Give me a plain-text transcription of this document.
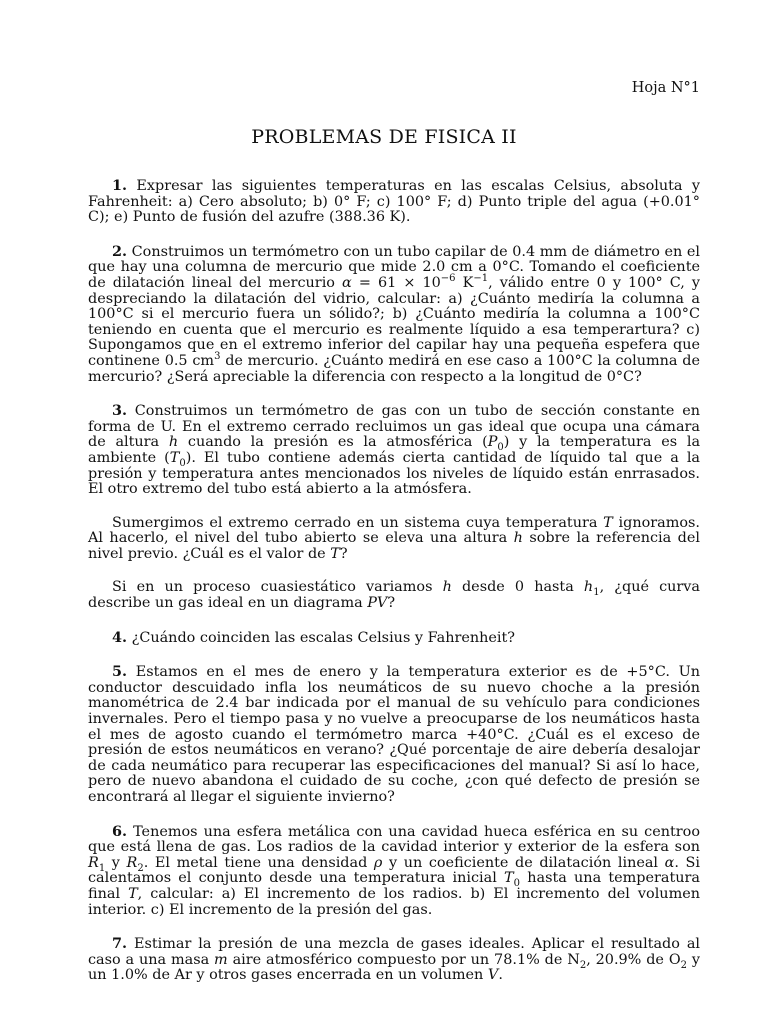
Hoja N°1
PROBLEMAS DE FISICA II

1. Expresar las siguientes temperaturas en las escalas Celsius, absoluta y Fahrenheit: a) Cero absoluto; b) 0° F; c) 100° F; d) Punto triple del agua (+0.01° C); e) Punto de fusión del azufre (388.36 K).

2. Construimos un termómetro con un tubo capilar de 0.4 mm de diámetro en el que hay una columna de mercurio que mide 2.0 cm a 0°C. Tomando el coeficiente de dilatación lineal del mercurio $\alpha = 61 \times 10^{-6}$ $K^{-1}$, válido entre 0 y 100° C, y despreciando la dilatación del vidrio, calcular: a) ¿Cuánto mediría la columna a 100°C si el mercurio fuera un sólido?; b) ¿Cuánto mediría la columna a 100°C teniendo en cuenta que el mercurio es realmente líquido a esa temperartura? c) Supongamos que en el extremo inferior del capilar hay una pequeña espefera que continene 0.5 $cm^3$ de mercurio. ¿Cuánto medirá en ese caso a 100°C la columna de mercurio? ¿Será apreciable la diferencia con respecto a la longitud de 0°C?

3. Construimos un termómetro de gas con un tubo de sección constante en forma de U. En el extremo cerrado recluimos un gas ideal que ocupa una cámara de altura h cuando la presión es la atmosférica $(P_0)$ y la temperatura es la ambiente $(T_0)$. El tubo contiene además cierta cantidad de líquido tal que a la presión y temperatura antes mencionados los niveles de líquido están enrrasados. El otro extremo del tubo está abierto a la atmósfera.

Sumergimos el extremo cerrado en un sistema cuya temperatura T ignoramos. Al hacerlo, el nivel del tubo abierto se eleva una altura h sobre la referencia del nivel previo. ¿Cuál es el valor de T?

Si en un proceso cuasiestático variamos h desde 0 hasta $h_1$, ¿qué curva describe un gas ideal en un diagrama PV?

4. ¿Cuándo coinciden las escalas Celsius y Fahrenheit?

5. Estamos en el mes de enero y la temperatura exterior es de +5°C. Un conductor descuidado infla los neumáticos de su nuevo choche a la presión manométrica de 2.4 bar indicada por el manual de su vehículo para condiciones invernales. Pero el tiempo pasa y no vuelve a preocuparse de los neumáticos hasta el mes de agosto cuando el termómetro marca +40°C. ¿Cuál es el exceso de presión de estos neumáticos en verano? ¿Qué porcentaje de aire debería desalojar de cada neumático para recuperar las especificaciones del manual? Si así lo hace, pero de nuevo abandona el cuidado de su coche, ¿con qué defecto de presión se encontrará al llegar el siguiente invierno?

6. Tenemos una esfera metálica con una cavidad hueca esférica en su centroo que está llena de gas. Los radios de la cavidad interior y exterior de la esfera son $R_1$ y $R_2$. El metal tiene una densidad ρ y un coeficiente de dilatación lineal α. Si calentamos el conjunto desde una temperatura inicial $T_0$ hasta una temperatura final T, calcular: a) El incremento de los radios. b) El incremento del volumen interior. c) El incremento de la presión del gas.

7. Estimar la presión de una mezcla de gases ideales. Aplicar el resultado al caso a una masa m aire atmosférico compuesto por un 78.1% de $N_2$, 20.9% de $O_2$ y un 1.0% de Ar y otros gases encerrada en un volumen V.
